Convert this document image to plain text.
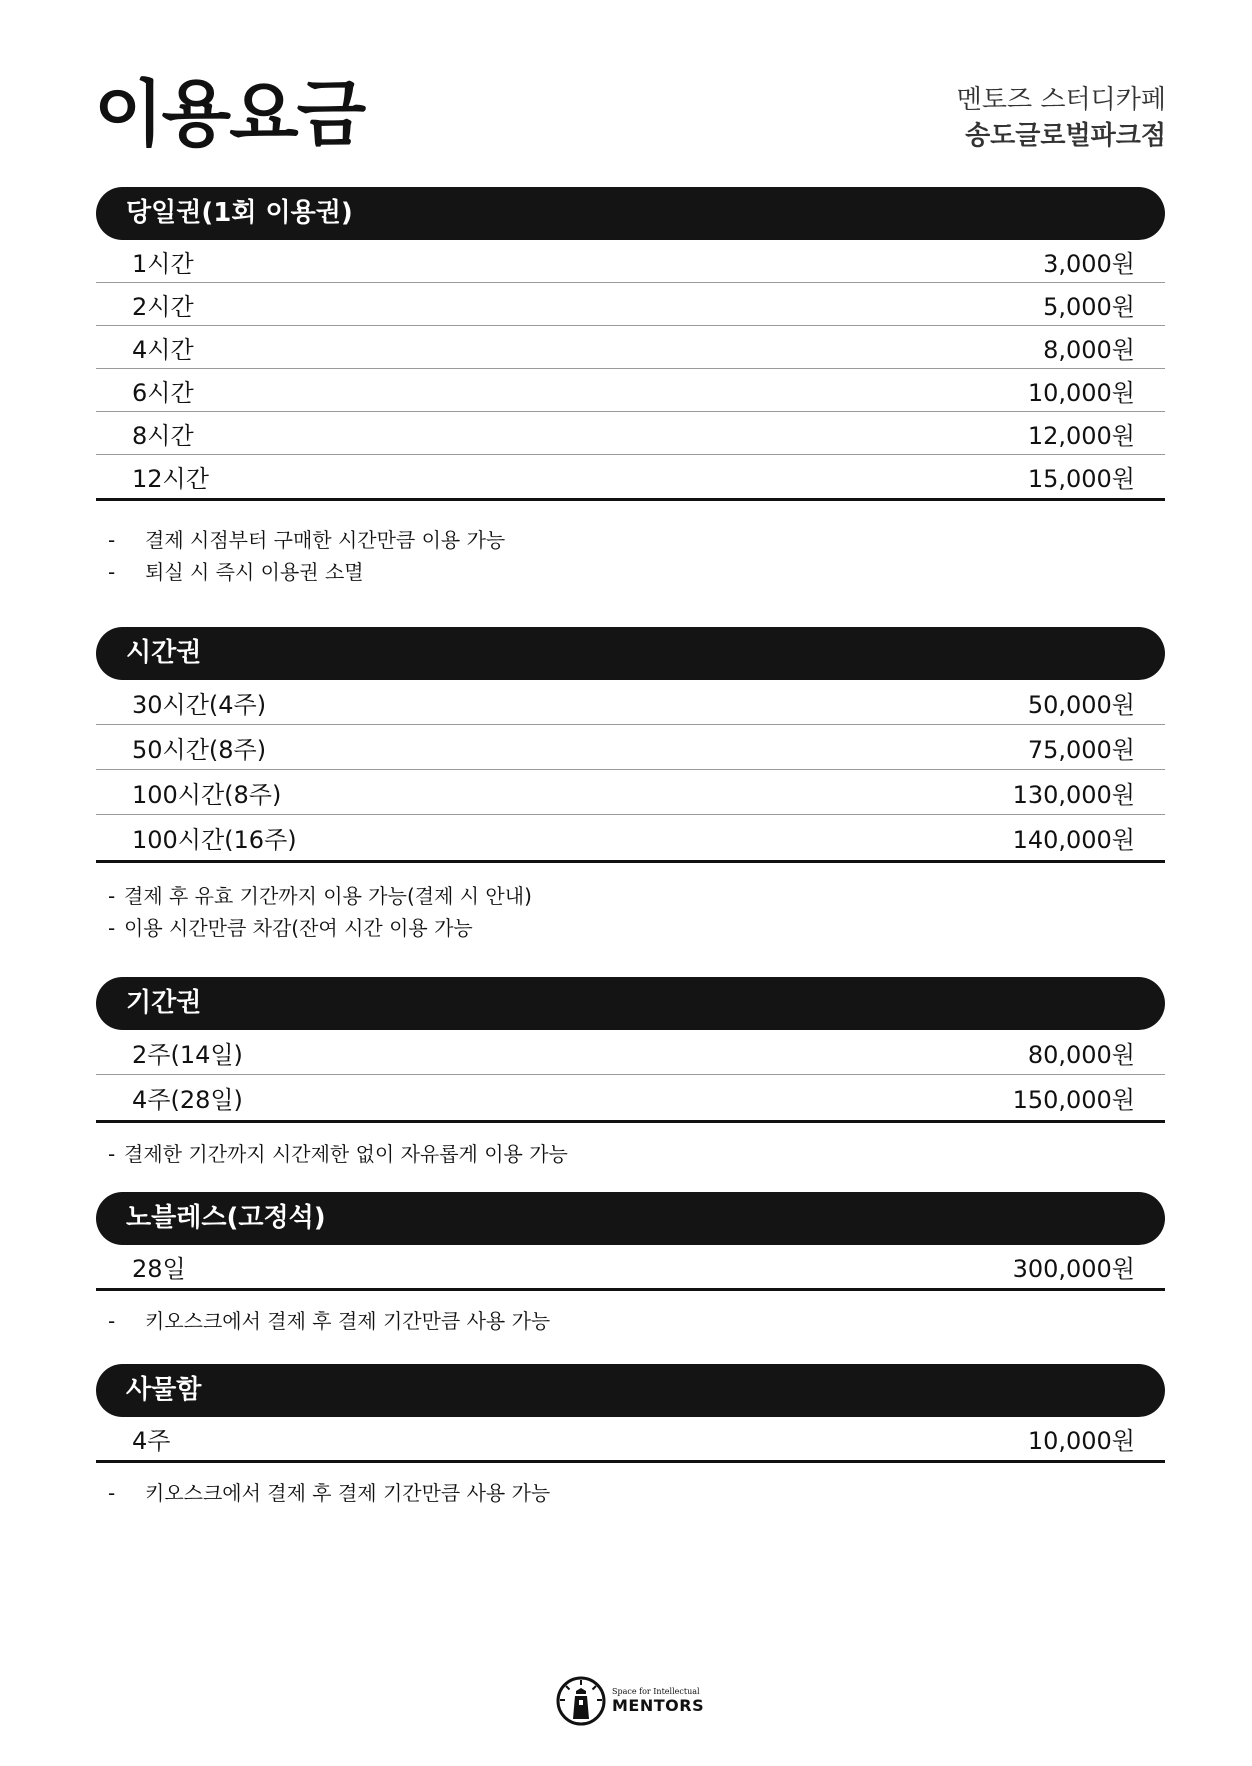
이용요금	멘토즈 스터디카페
송도글로벌파크점
당일권(1회 이용권)
1시간	3,000원
2시간	5,000원
4시간	8,000원
6시간	10,000원
8시간	12,000원
12시간	15,000원
-	결제 시점부터 구매한 시간만큼 이용 가능
-	퇴실 시 즉시 이용권 소멸
시간권
30시간(4주)	50,000원
50시간(8주)	75,000원
100시간(8주)	130,000원
100시간(16주)	140,000원
- 결제 후 유효 기간까지 이용 가능(결제 시 안내)
- 이용 시간만큼 차감(잔여 시간 이용 가능
기간권
2주(14일)	80,000원
4주(28일)	150,000원
- 결제한 기간까지 시간제한 없이 자유롭게 이용 가능
노블레스(고정석)
28일	300,000원
-	키오스크에서 결제 후 결제 기간만큼 사용 가능
사물함
4주	10,000원
-	키오스크에서 결제 후 결제 기간만큼 사용 가능
Space for Intellectual
MENTORS
